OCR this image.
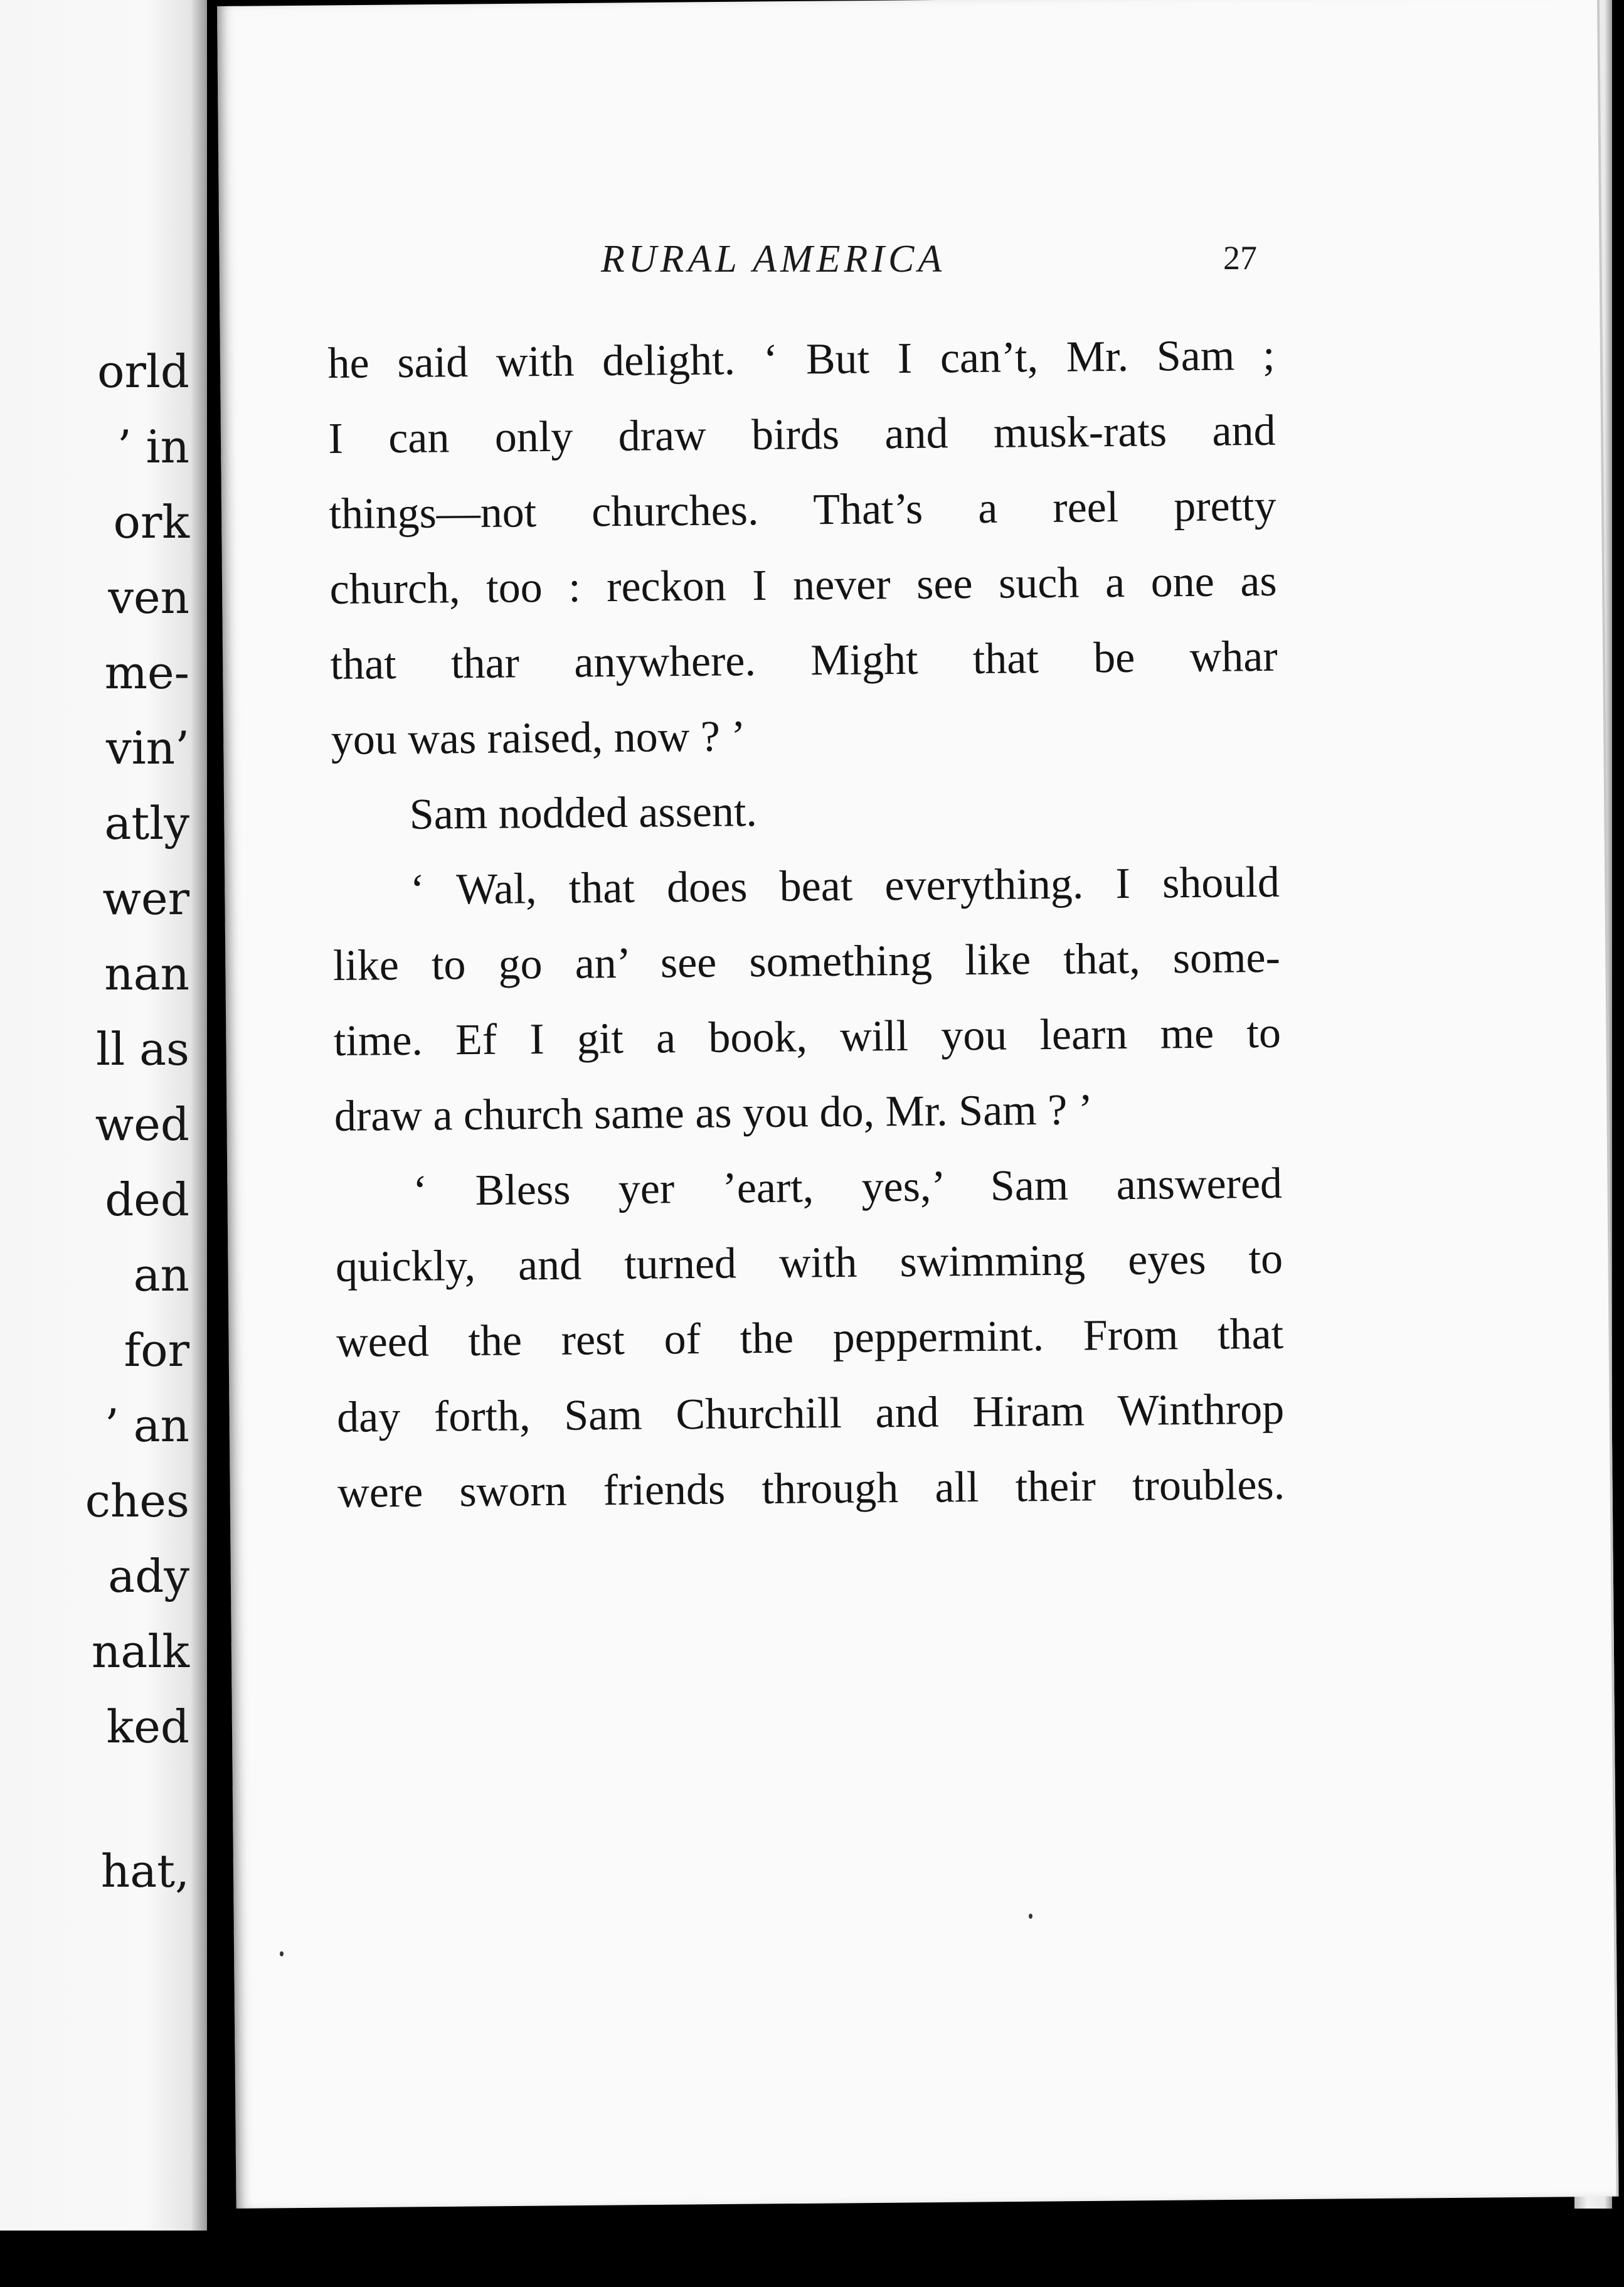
orld
’ in
ork
ven
me-
vin’
atly
wer
nan
ll as
wed
ded
an
for
’ an
ches
ady
nalk
ked
hat,
RURAL AMERICA	27
he said with delight. ‘ But I can’t, Mr. Sam ;
I can only draw birds and musk-rats and
things—not churches. That’s a reel pretty
church, too : reckon I never see such a one as
that thar anywhere. Might that be whar
you was raised, now ? ’
Sam nodded assent.
‘ Wal, that does beat everything. I should
like to go an’ see something like that, some-
time. Ef I git a book, will you learn me to
draw a church same as you do, Mr. Sam ? ’
‘ Bless yer ’eart, yes,’ Sam answered
quickly, and turned with swimming eyes to
weed the rest of the peppermint. From that
day forth, Sam Churchill and Hiram Winthrop
were sworn friends through all their troubles.
